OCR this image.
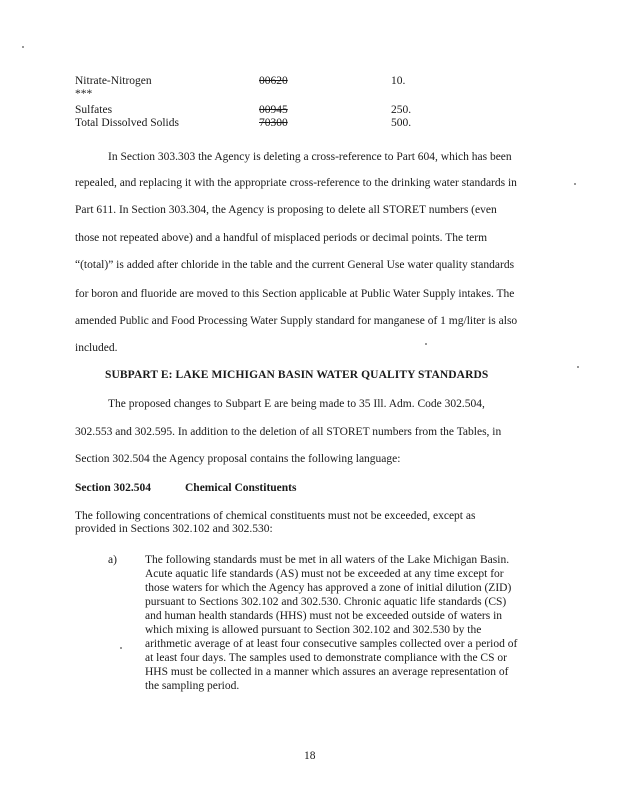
Nitrate-Nitrogen	00620	10.
***
Sulfates	00945	250.
Total Dissolved Solids	70300	500.
In Section 303.303 the Agency is deleting a cross-reference to Part 604, which has been
repealed, and replacing it with the appropriate cross-reference to the drinking water standards in
Part 611. In Section 303.304, the Agency is proposing to delete all STORET numbers (even
those not repeated above) and a handful of misplaced periods or decimal points. The term
“(total)” is added after chloride in the table and the current General Use water quality standards
for boron and fluoride are moved to this Section applicable at Public Water Supply intakes. The
amended Public and Food Processing Water Supply standard for manganese of 1 mg/liter is also
included.
SUBPART E: LAKE MICHIGAN BASIN WATER QUALITY STANDARDS
The proposed changes to Subpart E are being made to 35 Ill. Adm. Code 302.504,
302.553 and 302.595. In addition to the deletion of all STORET numbers from the Tables, in
Section 302.504 the Agency proposal contains the following language:
Section 302.504	Chemical Constituents
The following concentrations of chemical constituents must not be exceeded, except as
provided in Sections 302.102 and 302.530:
a) The following standards must be met in all waters of the Lake Michigan Basin.
Acute aquatic life standards (AS) must not be exceeded at any time except for
those waters for which the Agency has approved a zone of initial dilution (ZID)
pursuant to Sections 302.102 and 302.530. Chronic aquatic life standards (CS)
and human health standards (HHS) must not be exceeded outside of waters in
which mixing is allowed pursuant to Section 302.102 and 302.530 by the
arithmetic average of at least four consecutive samples collected over a period of
at least four days. The samples used to demonstrate compliance with the CS or
HHS must be collected in a manner which assures an average representation of
the sampling period.
18
